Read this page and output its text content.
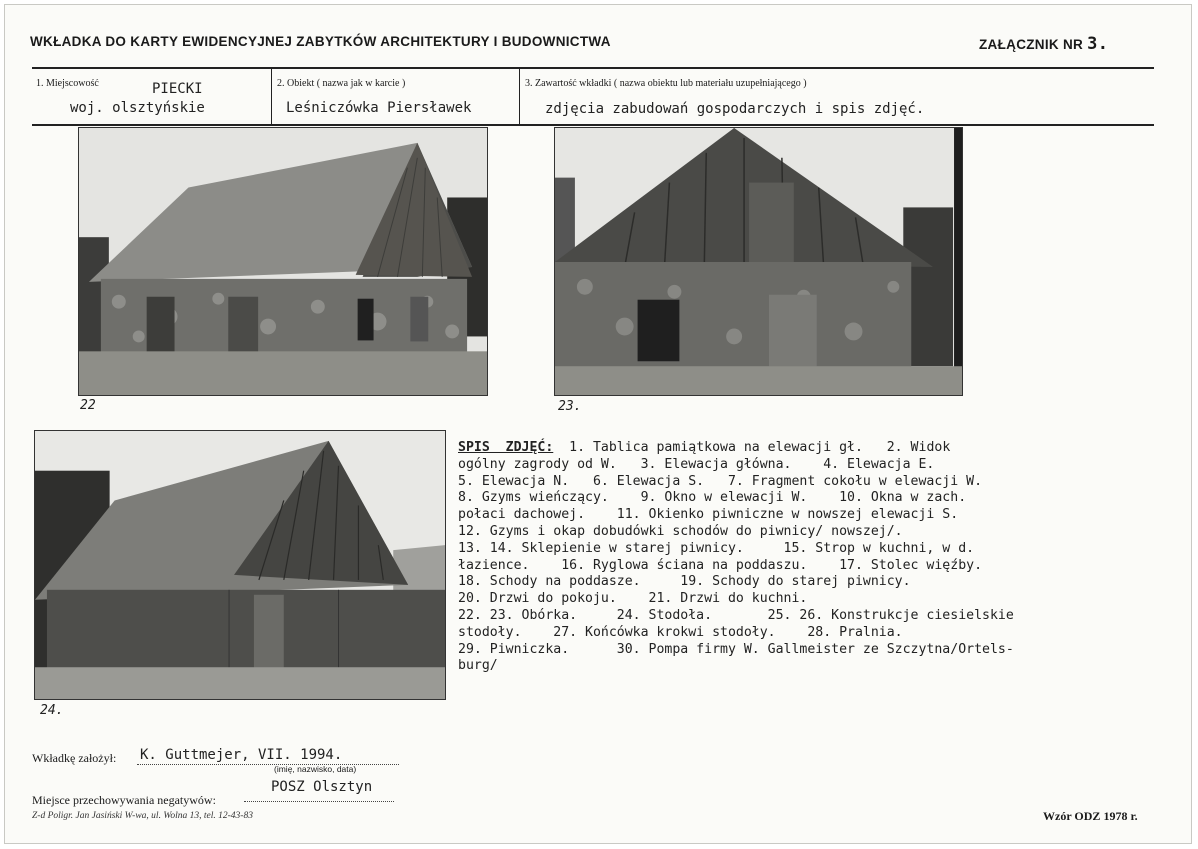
WKŁADKA DO KARTY EWIDENCYJNEJ ZABYTKÓW ARCHITEKTURY I BUDOWNICTWA	ZAŁĄCZNIK NR 3.
1. Miejscowość	PIECKI
woj. olsztyńskie
2. Obiekt ( nazwa jak w karcie )
Leśniczówka Piersławek
3. Zawartość wkładki ( nazwa obiektu lub materiału uzupełniającego )
zdjęcia zabudowań gospodarczych i spis zdjęć.
22	23.
24.
SPIS  ZDJĘĆ:  1. Tablica pamiątkowa na elewacji gł.   2. Widok
ogólny zagrody od W.   3. Elewacja główna.    4. Elewacja E.
5. Elewacja N.   6. Elewacja S.   7. Fragment cokołu w elewacji W.
8. Gzyms wieńczący.    9. Okno w elewacji W.    10. Okna w zach.
połaci dachowej.    11. Okienko piwniczne w nowszej elewacji S.
12. Gzyms i okap dobudówki schodów do piwnicy/ nowszej/.
13. 14. Sklepienie w starej piwnicy.     15. Strop w kuchni, w d.
łazience.    16. Ryglowa ściana na poddaszu.    17. Stolec więźby.
18. Schody na poddasze.     19. Schody do starej piwnicy.
20. Drzwi do pokoju.    21. Drzwi do kuchni.
22. 23. Obórka.     24. Stodoła.       25. 26. Konstrukcje ciesielskie
stodoły.    27. Końcówka krokwi stodoły.    28. Pralnia.
29. Piwniczka.      30. Pompa firmy W. Gallmeister ze Szczytna/Ortels-
burg/
Wkładkę założył: K. Guttmejer, VII. 1994.
(imię, nazwisko, data)
Miejsce przechowywania negatywów:
POSZ Olsztyn
Z-d Poligr. Jan Jasiński W-wa, ul. Wolna 13, tel. 12-43-83	Wzór ODZ 1978 r.
